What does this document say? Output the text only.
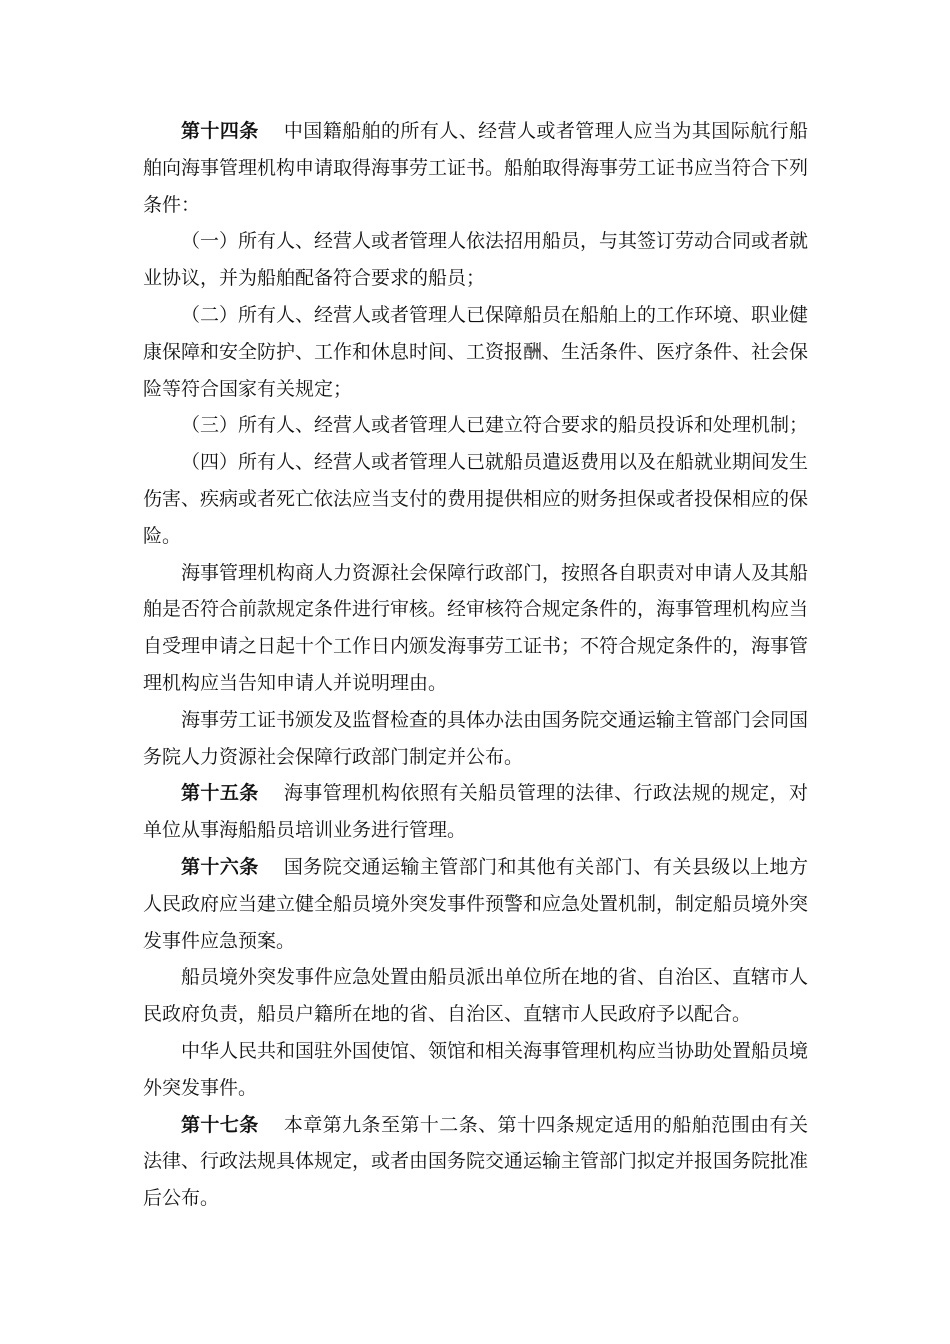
第十四条 中国籍船舶的所有人、经营人或者管理人应当为其国际航行船舶向海事管理机构申请取得海事劳工证书。船舶取得海事劳工证书应当符合下列条件：

（一）所有人、经营人或者管理人依法招用船员，与其签订劳动合同或者就业协议，并为船舶配备符合要求的船员；

（二）所有人、经营人或者管理人已保障船员在船舶上的工作环境、职业健康保障和安全防护、工作和休息时间、工资报酬、生活条件、医疗条件、社会保险等符合国家有关规定；

（三）所有人、经营人或者管理人已建立符合要求的船员投诉和处理机制；

（四）所有人、经营人或者管理人已就船员遣返费用以及在船就业期间发生伤害、疾病或者死亡依法应当支付的费用提供相应的财务担保或者投保相应的保险。

海事管理机构商人力资源社会保障行政部门，按照各自职责对申请人及其船舶是否符合前款规定条件进行审核。经审核符合规定条件的，海事管理机构应当自受理申请之日起十个工作日内颁发海事劳工证书；不符合规定条件的，海事管理机构应当告知申请人并说明理由。

海事劳工证书颁发及监督检查的具体办法由国务院交通运输主管部门会同国务院人力资源社会保障行政部门制定并公布。

第十五条 海事管理机构依照有关船员管理的法律、行政法规的规定，对单位从事海船船员培训业务进行管理。

第十六条 国务院交通运输主管部门和其他有关部门、有关县级以上地方人民政府应当建立健全船员境外突发事件预警和应急处置机制，制定船员境外突发事件应急预案。

船员境外突发事件应急处置由船员派出单位所在地的省、自治区、直辖市人民政府负责，船员户籍所在地的省、自治区、直辖市人民政府予以配合。

中华人民共和国驻外国使馆、领馆和相关海事管理机构应当协助处置船员境外突发事件。

第十七条 本章第九条至第十二条、第十四条规定适用的船舶范围由有关法律、行政法规具体规定，或者由国务院交通运输主管部门拟定并报国务院批准后公布。
